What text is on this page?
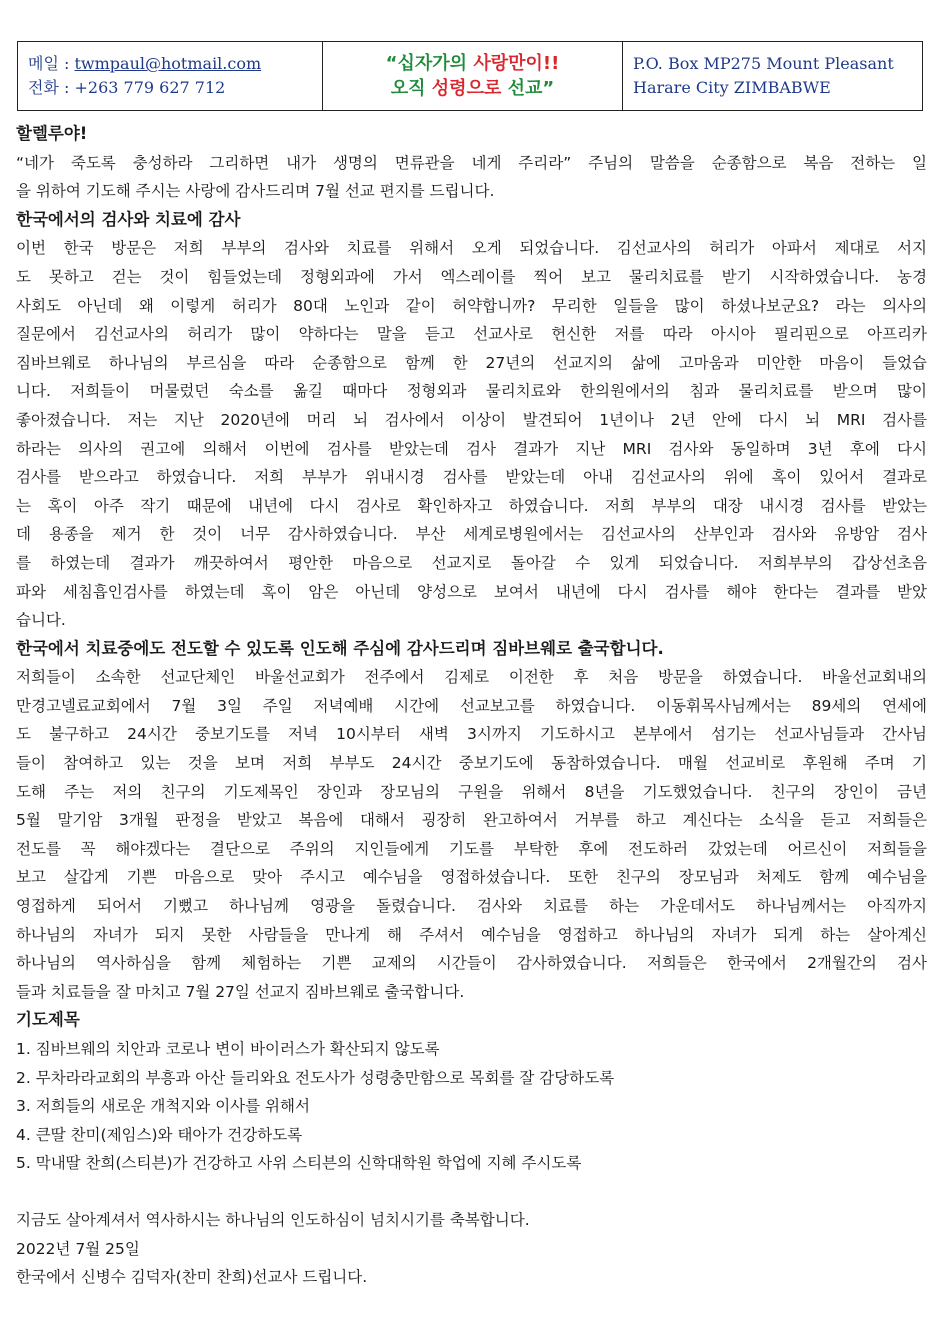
메일 : twmpaul@hotmail.com
전화 : +263 779 627 712
“십자가의 사랑만이!!
오직 성령으로 선교”
P.O. Box MP275 Mount Pleasant
Harare City ZIMBABWE
할렐루야!
“네가 죽도록 충성하라 그리하면 내가 생명의 면류관을 네게 주리라” 주님의 말씀을 순종함으로 복음 전하는 일
을 위하여 기도해 주시는 사랑에 감사드리며 7월 선교 편지를 드립니다.
한국에서의 검사와 치료에 감사
이번 한국 방문은 저희 부부의 검사와 치료를 위해서 오게 되었습니다. 김선교사의 허리가 아파서 제대로 서지
도 못하고 걷는 것이 힘들었는데 정형외과에 가서 엑스레이를 찍어 보고 물리치료를 받기 시작하였습니다. 농경
사회도 아닌데 왜 이렇게 허리가 80대 노인과 같이 허약합니까? 무리한 일들을 많이 하셨나보군요? 라는 의사의
질문에서 김선교사의 허리가 많이 약하다는 말을 듣고 선교사로 헌신한 저를 따라 아시아 필리핀으로 아프리카
짐바브웨로 하나님의 부르심을 따라 순종함으로 함께 한 27년의 선교지의 삶에 고마움과 미안한 마음이 들었습
니다. 저희들이 머물렀던 숙소를 옮길 때마다 정형외과 물리치료와 한의원에서의 침과 물리치료를 받으며 많이
좋아졌습니다. 저는 지난 2020년에 머리 뇌 검사에서 이상이 발견되어 1년이나 2년 안에 다시 뇌 MRI 검사를
하라는 의사의 권고에 의해서 이번에 검사를 받았는데 검사 결과가 지난 MRI 검사와 동일하며 3년 후에 다시
검사를 받으라고 하였습니다. 저희 부부가 위내시경 검사를 받았는데 아내 김선교사의 위에 혹이 있어서 결과로
는 혹이 아주 작기 때문에 내년에 다시 검사로 확인하자고 하였습니다. 저희 부부의 대장 내시경 검사를 받았는
데 용종을 제거 한 것이 너무 감사하였습니다. 부산 세계로병원에서는 김선교사의 산부인과 검사와 유방암 검사
를 하였는데 결과가 깨끗하여서 평안한 마음으로 선교지로 돌아갈 수 있게 되었습니다. 저희부부의 갑상선초음
파와 세침흡인검사를 하였는데 혹이 암은 아닌데 양성으로 보여서 내년에 다시 검사를 해야 한다는 결과를 받았
습니다.
한국에서 치료중에도 전도할 수 있도록 인도해 주심에 감사드리며 짐바브웨로 출국합니다.
저희들이 소속한 선교단체인 바울선교회가 전주에서 김제로 이전한 후 처음 방문을 하였습니다. 바울선교회내의
만경고넬료교회에서 7월 3일 주일 저녁예배 시간에 선교보고를 하였습니다. 이동휘목사님께서는 89세의 연세에
도 불구하고 24시간 중보기도를 저녁 10시부터 새벽 3시까지 기도하시고 본부에서 섬기는 선교사님들과 간사님
들이 참여하고 있는 것을 보며 저희 부부도 24시간 중보기도에 동참하였습니다. 매월 선교비로 후원해 주며 기
도해 주는 저의 친구의 기도제목인 장인과 장모님의 구원을 위해서 8년을 기도했었습니다. 친구의 장인이 금년
5월 말기암 3개월 판정을 받았고 복음에 대해서 굉장히 완고하여서 거부를 하고 계신다는 소식을 듣고 저희들은
전도를 꼭 해야겠다는 결단으로 주위의 지인들에게 기도를 부탁한 후에 전도하러 갔었는데 어르신이 저희들을
보고 살갑게 기쁜 마음으로 맞아 주시고 예수님을 영접하셨습니다. 또한 친구의 장모님과 처제도 함께 예수님을
영접하게 되어서 기뻤고 하나님께 영광을 돌렸습니다. 검사와 치료를 하는 가운데서도 하나님께서는 아직까지
하나님의 자녀가 되지 못한 사람들을 만나게 해 주셔서 예수님을 영접하고 하나님의 자녀가 되게 하는 살아계신
하나님의 역사하심을 함께 체험하는 기쁜 교제의 시간들이 감사하였습니다. 저희들은 한국에서 2개월간의 검사
들과 치료들을 잘 마치고 7월 27일 선교지 짐바브웨로 출국합니다.
기도제목
1. 짐바브웨의 치안과 코로나 변이 바이러스가 확산되지 않도록
2. 무차라라교회의 부흥과 아산 들리와요 전도사가 성령충만함으로 목회를 잘 감당하도록
3. 저희들의 새로운 개척지와 이사를 위해서
4. 큰딸 찬미(제임스)와 태아가 건강하도록
5. 막내딸 찬희(스티븐)가 건강하고 사위 스티븐의 신학대학원 학업에 지혜 주시도록
지금도 살아계셔서 역사하시는 하나님의 인도하심이 넘치시기를 축복합니다.
2022년 7월 25일
한국에서 신병수 김덕자(찬미 찬희)선교사 드립니다.
